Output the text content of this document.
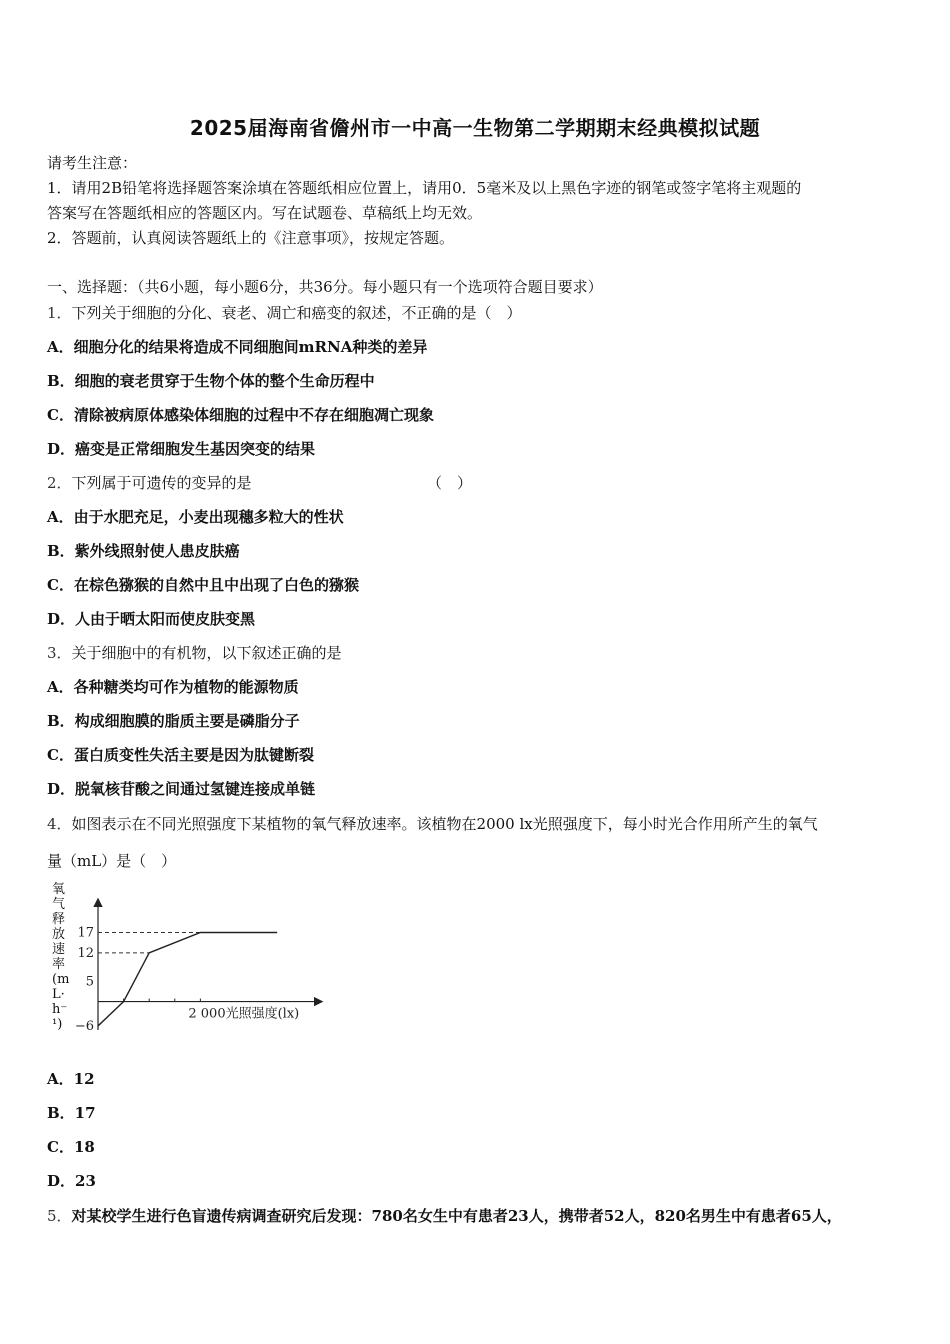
2025届海南省儋州市一中高一生物第二学期期末经典模拟试题
请考生注意：
1．请用2B铅笔将选择题答案涂填在答题纸相应位置上，请用0．5毫米及以上黑色字迹的钢笔或签字笔将主观题的
答案写在答题纸相应的答题区内。写在试题卷、草稿纸上均无效。
2．答题前，认真阅读答题纸上的《注意事项》，按规定答题。
一、选择题：（共6小题，每小题6分，共36分。每小题只有一个选项符合题目要求）
1．下列关于细胞的分化、衰老、凋亡和癌变的叙述，不正确的是（　）
A．细胞分化的结果将造成不同细胞间mRNA种类的差异
B．细胞的衰老贯穿于生物个体的整个生命历程中
C．清除被病原体感染体细胞的过程中不存在细胞凋亡现象
D．癌变是正常细胞发生基因突变的结果
2．下列属于可遗传的变异的是	（　）
A．由于水肥充足，小麦出现穗多粒大的性状
B．紫外线照射使人患皮肤癌
C．在棕色猕猴的自然中且中出现了白色的猕猴
D．人由于晒太阳而使皮肤变黑
3．关于细胞中的有机物，以下叙述正确的是
A．各种糖类均可作为植物的能源物质
B．构成细胞膜的脂质主要是磷脂分子
C．蛋白质变性失活主要是因为肽键断裂
D．脱氧核苷酸之间通过氢键连接成单链
4．如图表示在不同光照强度下某植物的氧气释放速率。该植物在2000 lx光照强度下，每小时光合作用所产生的氧气
量（mL）是（　）
氧气释放速率(mL·h⁻¹)
17
12
5
−6
2 000光照强度(lx)
A．12
B．17
C．18
D．23
5．对某校学生进行色盲遗传病调查研究后发现：780名女生中有患者23人，携带者52人，820名男生中有患者65人，
